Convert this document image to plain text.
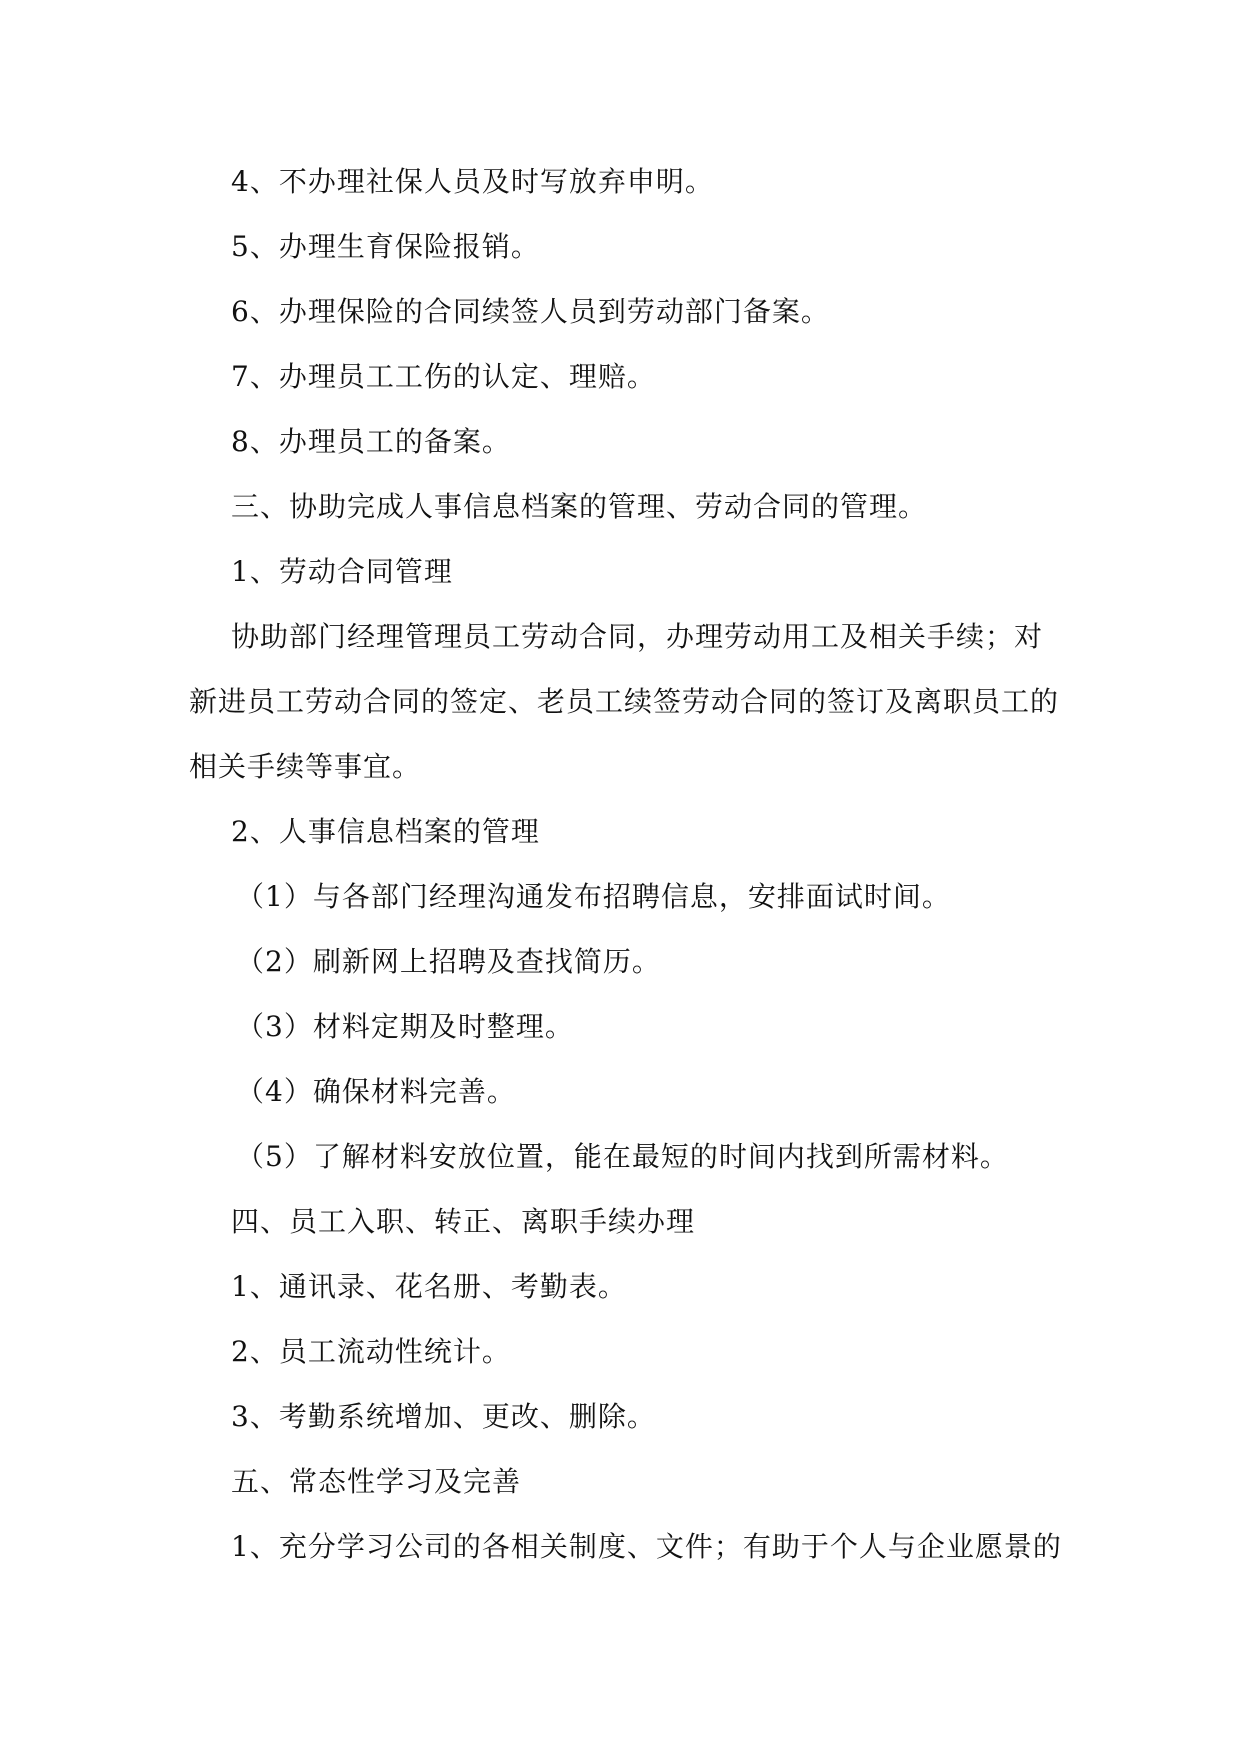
4、不办理社保人员及时写放弃申明。
5、办理生育保险报销。
6、办理保险的合同续签人员到劳动部门备案。
7、办理员工工伤的认定、理赔。
8、办理员工的备案。
三、协助完成人事信息档案的管理、劳动合同的管理。
1、劳动合同管理
协助部门经理管理员工劳动合同，办理劳动用工及相关手续；对
新进员工劳动合同的签定、老员工续签劳动合同的签订及离职员工的
相关手续等事宜。
2、人事信息档案的管理
（1）与各部门经理沟通发布招聘信息，安排面试时间。
（2）刷新网上招聘及查找简历。
（3）材料定期及时整理。
（4）确保材料完善。
（5）了解材料安放位置，能在最短的时间内找到所需材料。
四、员工入职、转正、离职手续办理
1、通讯录、花名册、考勤表。
2、员工流动性统计。
3、考勤系统增加、更改、删除。
五、常态性学习及完善
1、充分学习公司的各相关制度、文件；有助于个人与企业愿景的
